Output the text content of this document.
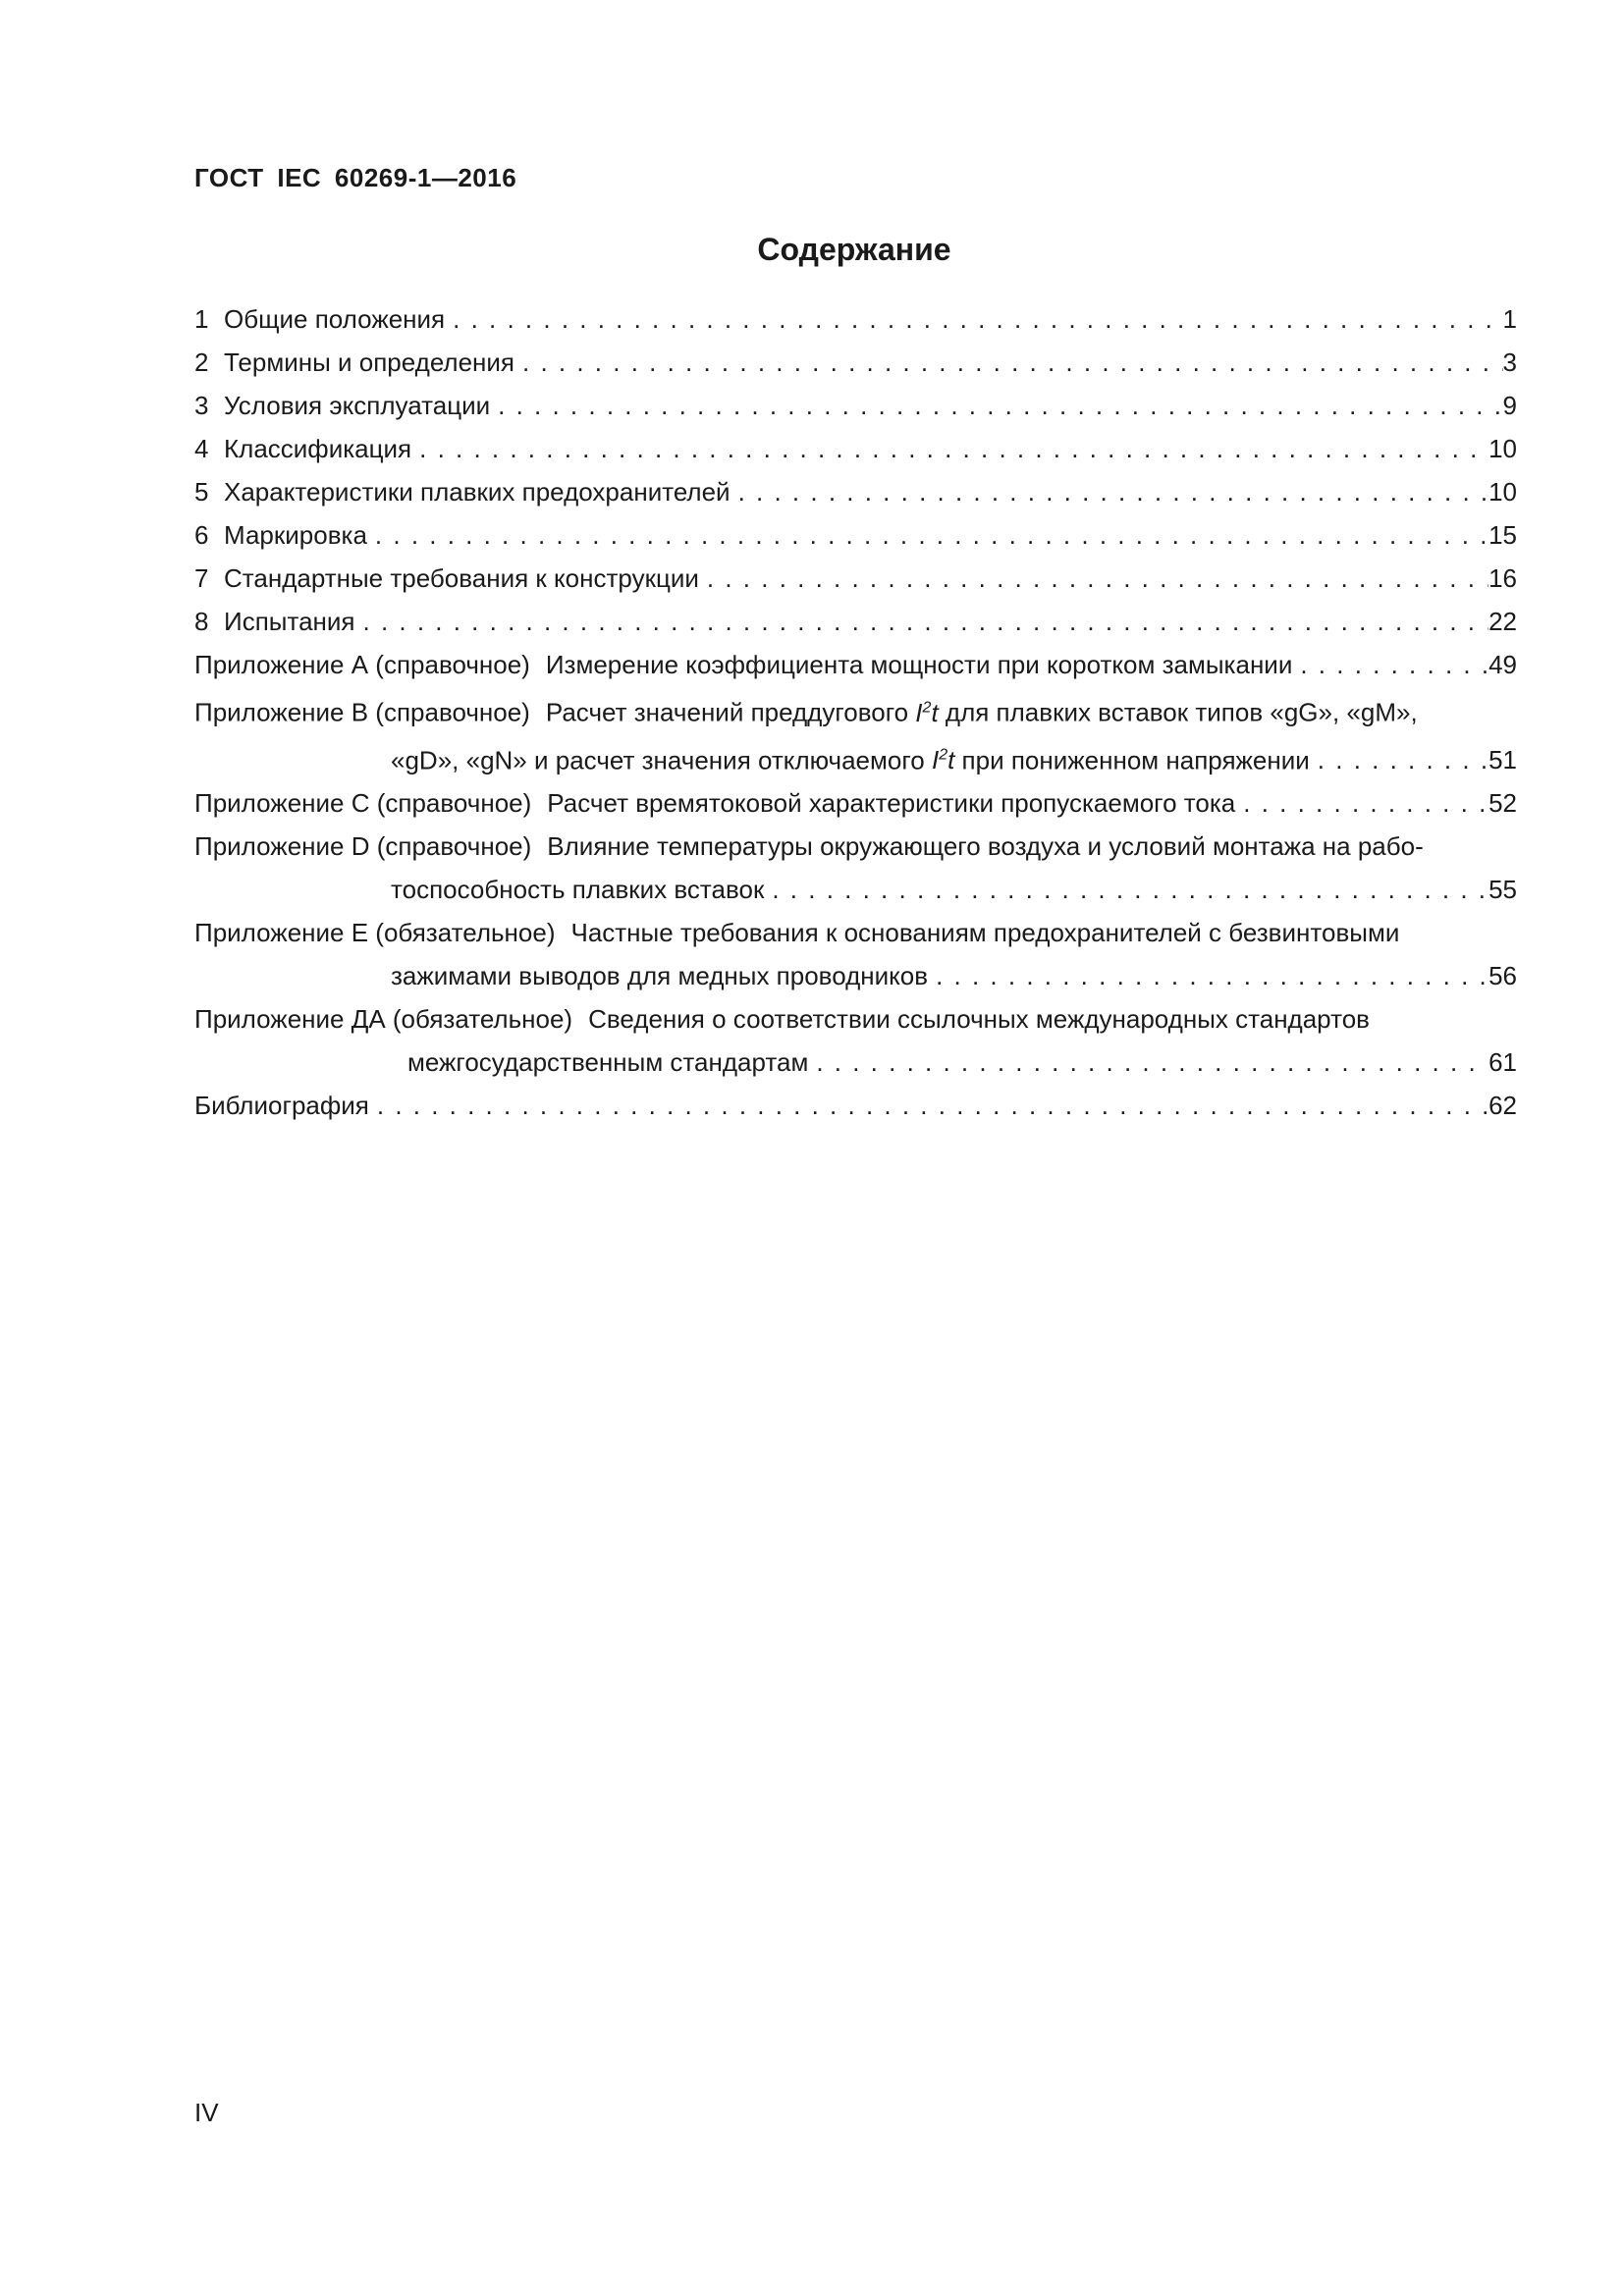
ГОСТ IEC 60269-1—2016
Содержание
1 Общие положения . . .	1
2 Термины и определения . . .	3
3 Условия эксплуатации . . .	9
4 Классификация . . .	10
5 Характеристики плавких предохранителей . . .	10
6 Маркировка . . .	15
7 Стандартные требования к конструкции . . .	16
8 Испытания . . .	22
Приложение А (справочное) Измерение коэффициента мощности при коротком замыкании . . .	49
Приложение В (справочное) Расчет значений преддугового $I^2t$ для плавких вставок типов «gG», «gM»,
«gD», «gN» и расчет значения отключаемого $I^2t$ при пониженном напряжении . . .	51
Приложение С (справочное) Расчет времятоковой характеристики пропускаемого тока . . .	52
Приложение D (справочное) Влияние температуры окружающего воздуха и условий монтажа на рабо-
тоспособность плавких вставок . . .	55
Приложение Е (обязательное) Частные требования к основаниям предохранителей с безвинтовыми
зажимами выводов для медных проводников . . .	56
Приложение ДА (обязательное) Сведения о соответствии ссылочных международных стандартов
межгосударственным стандартам . . .	61
Библиография . . .	62
IV
